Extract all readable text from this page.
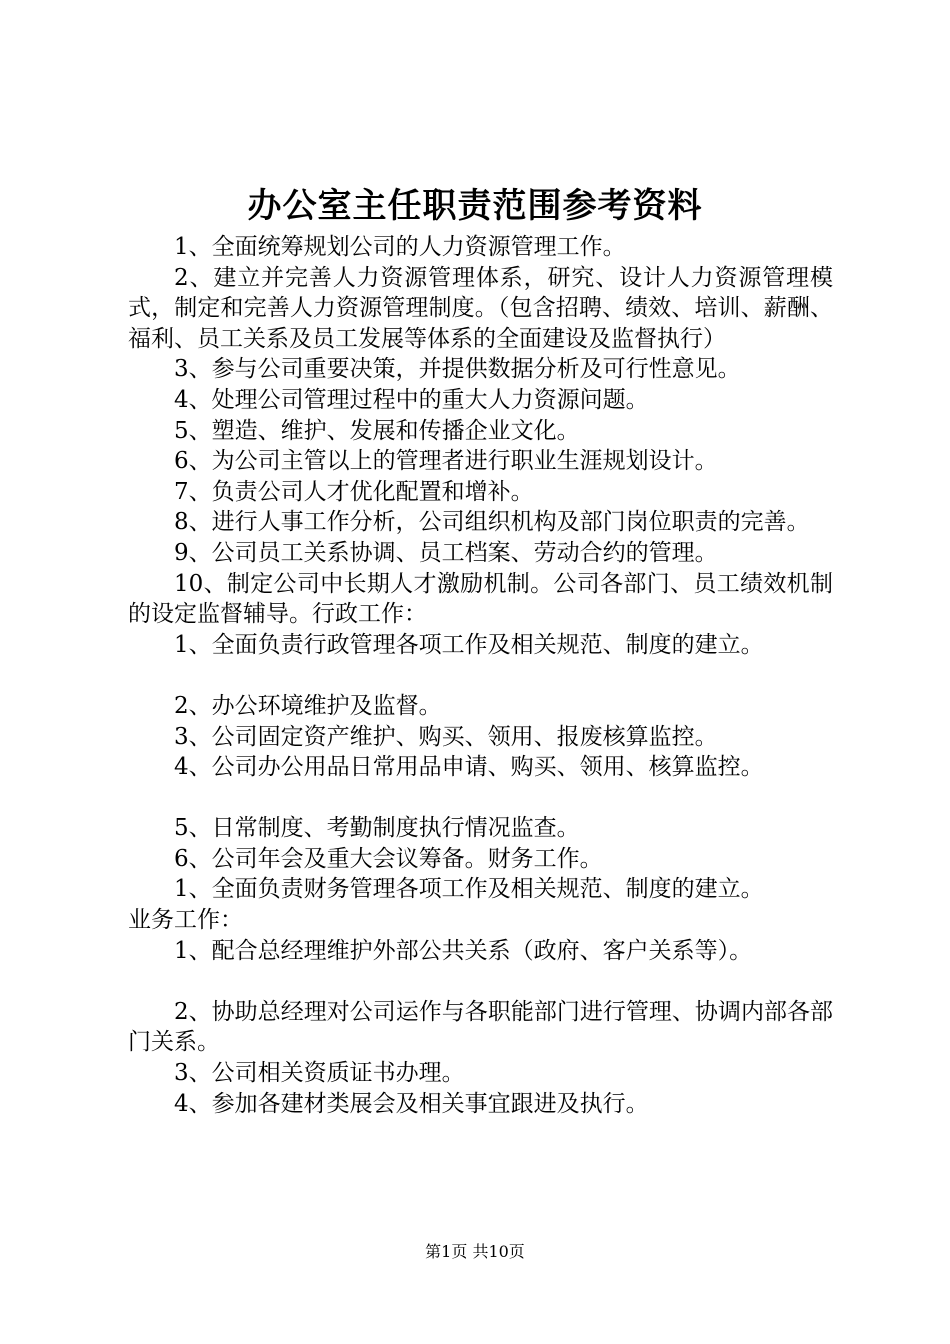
办公室主任职责范围参考资料

1、全面统筹规划公司的人力资源管理工作。

2、建立并完善人力资源管理体系，研究、设计人力资源管理模式，制定和完善人力资源管理制度。（包含招聘、绩效、培训、薪酬、福利、员工关系及员工发展等体系的全面建设及监督执行）

3、参与公司重要决策，并提供数据分析及可行性意见。

4、处理公司管理过程中的重大人力资源问题。

5、塑造、维护、发展和传播企业文化。

6、为公司主管以上的管理者进行职业生涯规划设计。

7、负责公司人才优化配置和增补。

8、进行人事工作分析，公司组织机构及部门岗位职责的完善。

9、公司员工关系协调、员工档案、劳动合约的管理。

10、制定公司中长期人才激励机制。公司各部门、员工绩效机制的设定监督辅导。行政工作：

1、全面负责行政管理各项工作及相关规范、制度的建立。

2、办公环境维护及监督。

3、公司固定资产维护、购买、领用、报废核算监控。

4、公司办公用品日常用品申请、购买、领用、核算监控。

5、日常制度、考勤制度执行情况监查。

6、公司年会及重大会议筹备。财务工作。

1、全面负责财务管理各项工作及相关规范、制度的建立。

业务工作：

1、配合总经理维护外部公共关系（政府、客户关系等）。

2、协助总经理对公司运作与各职能部门进行管理、协调内部各部门关系。

3、公司相关资质证书办理。

4、参加各建材类展会及相关事宜跟进及执行。

第1页 共10页
